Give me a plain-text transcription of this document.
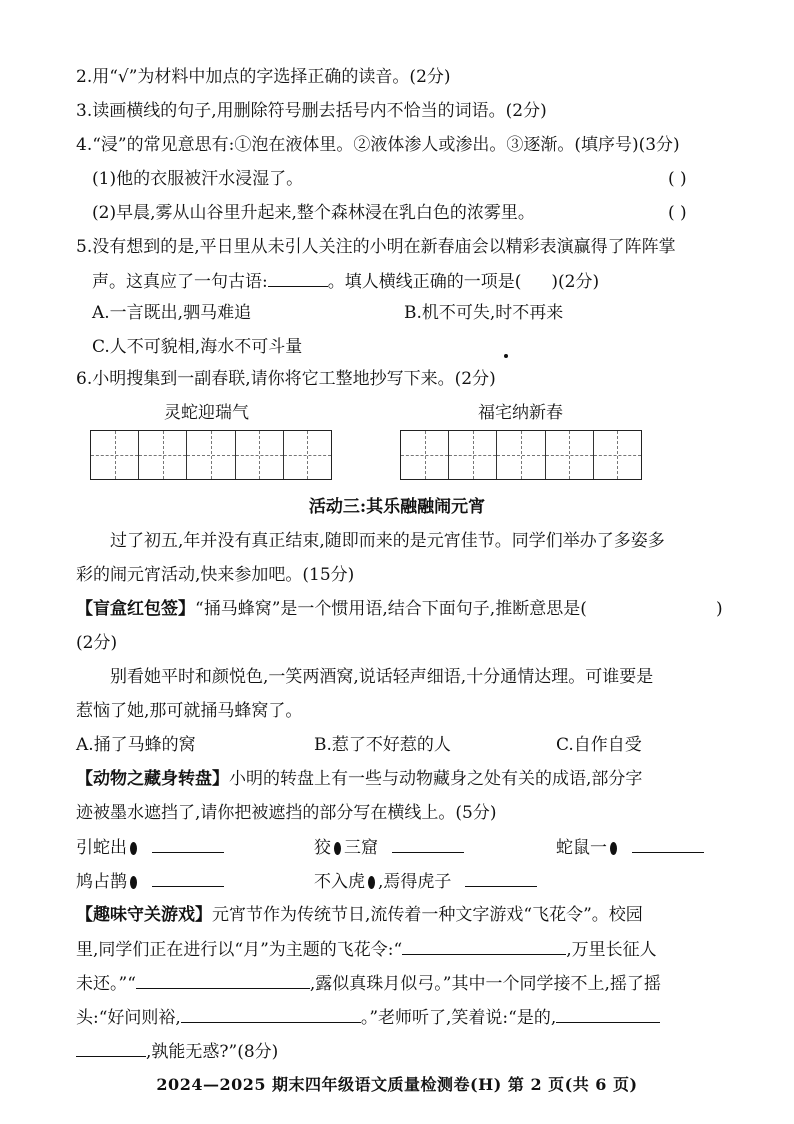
2.用“√”为材料中加点的字选择正确的读音。(2分)
3.读画横线的句子,用删除符号删去括号内不恰当的词语。(2分)
4.“浸”的常见意思有:①泡在液体里。②液体渗人或渗出。③逐渐。(填序号)(3分)
(1)他的衣服被汗水浸湿了。	( )
(2)早晨,雾从山谷里升起来,整个森林浸在乳白色的浓雾里。	( )
5.没有想到的是,平日里从未引人关注的小明在新春庙会以精彩表演赢得了阵阵掌
声。这真应了一句古语:	。填人横线正确的一项是( )(2分)
A.一言既出,驷马难追	B.机不可失,时不再来
C.人不可貌相,海水不可斗量
6.小明搜集到一副春联,请你将它工整地抄写下来。(2分)
灵蛇迎瑞气	福宅纳新春
活动三:其乐融融闹元宵
过了初五,年并没有真正结束,随即而来的是元宵佳节。同学们举办了多姿多
彩的闹元宵活动,快来参加吧。(15分)
【盲盒红包签】“捅马蜂窝”是一个惯用语,结合下面句子,推断意思是(	)
(2分)
别看她平时和颜悦色,一笑两酒窝,说话轻声细语,十分通情达理。可谁要是
惹恼了她,那可就捅马蜂窝了。
A.捅了马蜂的窝	B.惹了不好惹的人	C.自作自受
【动物之藏身转盘】小明的转盘上有一些与动物藏身之处有关的成语,部分字
迹被墨水遮挡了,请你把被遮挡的部分写在横线上。(5分)
引蛇出	狡 三窟	蛇鼠一
鸠占鹊	不入虎 ,焉得虎子
【趣味守关游戏】元宵节作为传统节日,流传着一种文字游戏“飞花令”。校园
里,同学们正在进行以“月”为主题的飞花令:“	,万里长征人
未还。”“	,露似真珠月似弓。”其中一个同学接不上,摇了摇
头:“好问则裕,	。”老师听了,笑着说:“是的,
,孰能无惑?”(8分)
2024—2025 期末四年级语文质量检测卷(H) 第 2 页(共 6 页)
